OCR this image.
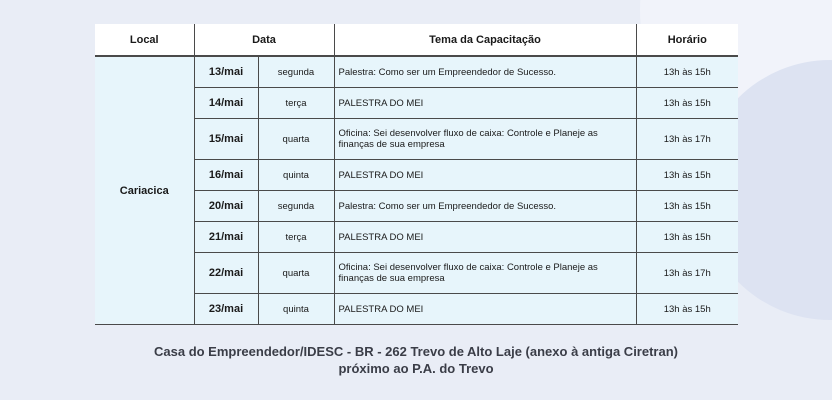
Local	Data		Tema da Capacitação	Horário
Cariacica	13/mai	segunda	Palestra: Como ser um Empreendedor de Sucesso.	13h às 15h
	14/mai	terça	PALESTRA DO MEI	13h às 15h
	15/mai	quarta	Oficina: Sei desenvolver fluxo de caixa: Controle e Planeje as finanças de sua empresa	13h às 17h
	16/mai	quinta	PALESTRA DO MEI	13h às 15h
	20/mai	segunda	Palestra: Como ser um Empreendedor de Sucesso.	13h às 15h
	21/mai	terça	PALESTRA DO MEI	13h às 15h
	22/mai	quarta	Oficina: Sei desenvolver fluxo de caixa: Controle e Planeje as finanças de sua empresa	13h às 17h
	23/mai	quinta	PALESTRA DO MEI	13h às 15h
Casa do Empreendedor/IDESC - BR - 262 Trevo de Alto Laje (anexo à antiga Ciretran)
próximo ao P.A. do Trevo
